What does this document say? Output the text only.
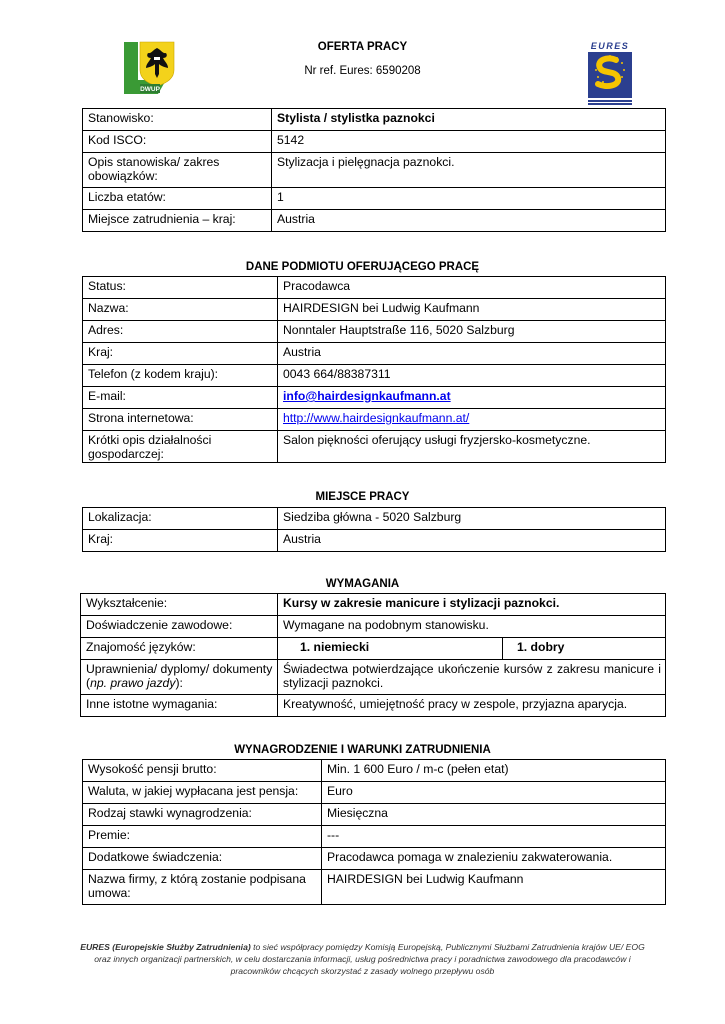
DWUP
EURES
OFERTA PRACY
Nr ref. Eures: 6590208
Stanowisko:	Stylista / stylistka paznokci
Kod ISCO:	5142
Opis stanowiska/ zakres obowiązków:	Stylizacja i pielęgnacja paznokci.
Liczba etatów:	1
Miejsce zatrudnienia – kraj:	Austria
DANE PODMIOTU OFERUJĄCEGO PRACĘ
Status:	Pracodawca
Nazwa:	HAIRDESIGN bei Ludwig Kaufmann
Adres:	Nonntaler Hauptstraße 116, 5020 Salzburg
Kraj:	Austria
Telefon (z kodem kraju):	0043 664/88387311
E-mail:	info@hairdesignkaufmann.at
Strona internetowa:	http://www.hairdesignkaufmann.at/
Krótki opis działalności gospodarczej:	Salon piękności oferujący usługi fryzjersko-kosmetyczne.
MIEJSCE PRACY
Lokalizacja:	Siedziba główna - 5020 Salzburg
Kraj:	Austria
WYMAGANIA
Wykształcenie:	Kursy w zakresie manicure i stylizacji paznokci.	
Doświadczenie zawodowe:	Wymagane na podobnym stanowisku.	
Znajomość języków:	1. niemiecki	1. dobry
Uprawnienia/ dyplomy/ dokumenty
(np. prawo jazdy):	Świadectwa potwierdzające ukończenie kursów z zakresu manicure i stylizacji paznokci.	
Inne istotne wymagania:	Kreatywność, umiejętność pracy w zespole, przyjazna aparycja.	
WYNAGRODZENIE I WARUNKI ZATRUDNIENIA
Wysokość pensji brutto:	Min. 1 600 Euro / m-c (pełen etat)
Waluta, w jakiej wypłacana jest pensja:	Euro
Rodzaj stawki wynagrodzenia:	Miesięczna
Premie:	---
Dodatkowe świadczenia:	Pracodawca pomaga w znalezieniu zakwaterowania.
Nazwa firmy, z którą zostanie podpisana umowa:	HAIRDESIGN bei Ludwig Kaufmann
EURES (Europejskie Służby Zatrudnienia) to sieć współpracy pomiędzy Komisją Europejską, Publicznymi Służbami Zatrudnienia krajów UE/ EOG
oraz innych organizacji partnerskich, w celu dostarczania informacji, usług pośrednictwa pracy i poradnictwa zawodowego dla pracodawców i
pracowników chcących skorzystać z zasady wolnego przepływu osób
